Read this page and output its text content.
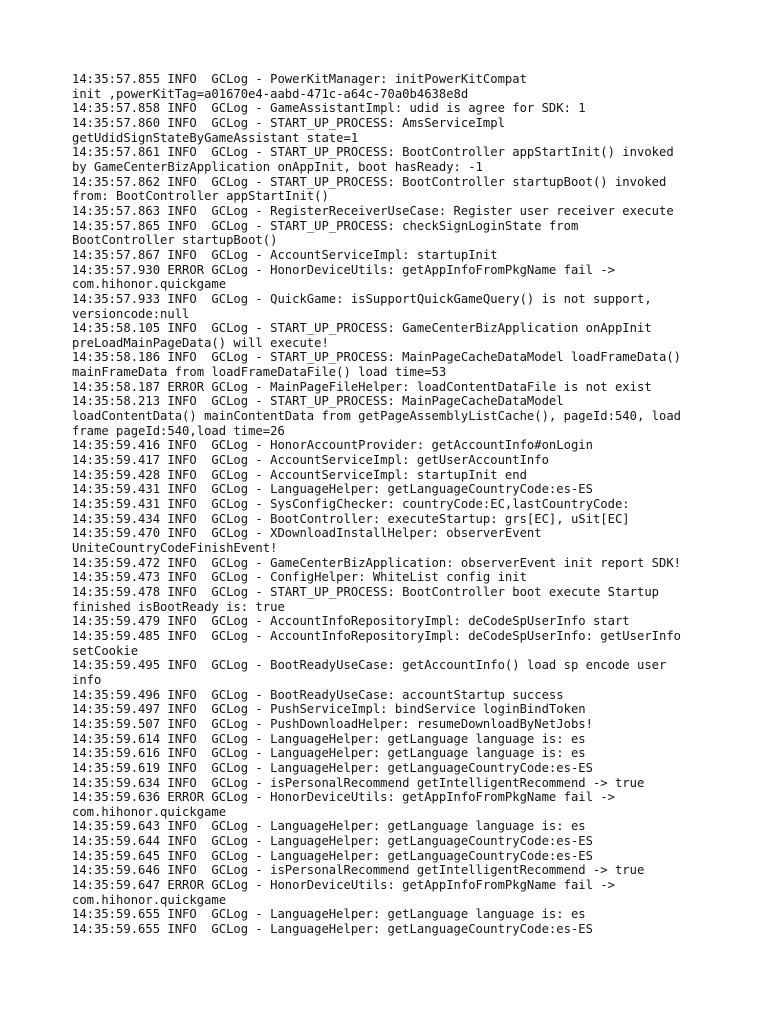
14:35:57.855 INFO  GCLog - PowerKitManager: initPowerKitCompat
init ,powerKitTag=a01670e4-aabd-471c-a64c-70a0b4638e8d
14:35:57.858 INFO  GCLog - GameAssistantImpl: udid is agree for SDK: 1
14:35:57.860 INFO  GCLog - START_UP_PROCESS: AmsServiceImpl
getUdidSignStateByGameAssistant state=1
14:35:57.861 INFO  GCLog - START_UP_PROCESS: BootController appStartInit() invoked
by GameCenterBizApplication onAppInit, boot hasReady: -1
14:35:57.862 INFO  GCLog - START_UP_PROCESS: BootController startupBoot() invoked
from: BootController appStartInit()
14:35:57.863 INFO  GCLog - RegisterReceiverUseCase: Register user receiver execute
14:35:57.865 INFO  GCLog - START_UP_PROCESS: checkSignLoginState from
BootController startupBoot()
14:35:57.867 INFO  GCLog - AccountServiceImpl: startupInit
14:35:57.930 ERROR GCLog - HonorDeviceUtils: getAppInfoFromPkgName fail ->
com.hihonor.quickgame
14:35:57.933 INFO  GCLog - QuickGame: isSupportQuickGameQuery() is not support,
versioncode:null
14:35:58.105 INFO  GCLog - START_UP_PROCESS: GameCenterBizApplication onAppInit
preLoadMainPageData() will execute!
14:35:58.186 INFO  GCLog - START_UP_PROCESS: MainPageCacheDataModel loadFrameData()
mainFrameData from loadFrameDataFile() load time=53
14:35:58.187 ERROR GCLog - MainPageFileHelper: loadContentDataFile is not exist
14:35:58.213 INFO  GCLog - START_UP_PROCESS: MainPageCacheDataModel
loadContentData() mainContentData from getPageAssemblyListCache(), pageId:540, load
frame pageId:540,load time=26
14:35:59.416 INFO  GCLog - HonorAccountProvider: getAccountInfo#onLogin
14:35:59.417 INFO  GCLog - AccountServiceImpl: getUserAccountInfo
14:35:59.428 INFO  GCLog - AccountServiceImpl: startupInit end
14:35:59.431 INFO  GCLog - LanguageHelper: getLanguageCountryCode:es-ES
14:35:59.431 INFO  GCLog - SysConfigChecker: countryCode:EC,lastCountryCode:
14:35:59.434 INFO  GCLog - BootController: executeStartup: grs[EC], uSit[EC]
14:35:59.470 INFO  GCLog - XDownloadInstallHelper: observerEvent
UniteCountryCodeFinishEvent!
14:35:59.472 INFO  GCLog - GameCenterBizApplication: observerEvent init report SDK!
14:35:59.473 INFO  GCLog - ConfigHelper: WhiteList config init
14:35:59.478 INFO  GCLog - START_UP_PROCESS: BootController boot execute Startup
finished isBootReady is: true
14:35:59.479 INFO  GCLog - AccountInfoRepositoryImpl: deCodeSpUserInfo start
14:35:59.485 INFO  GCLog - AccountInfoRepositoryImpl: deCodeSpUserInfo: getUserInfo
setCookie
14:35:59.495 INFO  GCLog - BootReadyUseCase: getAccountInfo() load sp encode user
info
14:35:59.496 INFO  GCLog - BootReadyUseCase: accountStartup success
14:35:59.497 INFO  GCLog - PushServiceImpl: bindService loginBindToken
14:35:59.507 INFO  GCLog - PushDownloadHelper: resumeDownloadByNetJobs!
14:35:59.614 INFO  GCLog - LanguageHelper: getLanguage language is: es
14:35:59.616 INFO  GCLog - LanguageHelper: getLanguage language is: es
14:35:59.619 INFO  GCLog - LanguageHelper: getLanguageCountryCode:es-ES
14:35:59.634 INFO  GCLog - isPersonalRecommend getIntelligentRecommend -> true
14:35:59.636 ERROR GCLog - HonorDeviceUtils: getAppInfoFromPkgName fail ->
com.hihonor.quickgame
14:35:59.643 INFO  GCLog - LanguageHelper: getLanguage language is: es
14:35:59.644 INFO  GCLog - LanguageHelper: getLanguageCountryCode:es-ES
14:35:59.645 INFO  GCLog - LanguageHelper: getLanguageCountryCode:es-ES
14:35:59.646 INFO  GCLog - isPersonalRecommend getIntelligentRecommend -> true
14:35:59.647 ERROR GCLog - HonorDeviceUtils: getAppInfoFromPkgName fail ->
com.hihonor.quickgame
14:35:59.655 INFO  GCLog - LanguageHelper: getLanguage language is: es
14:35:59.655 INFO  GCLog - LanguageHelper: getLanguageCountryCode:es-ES
